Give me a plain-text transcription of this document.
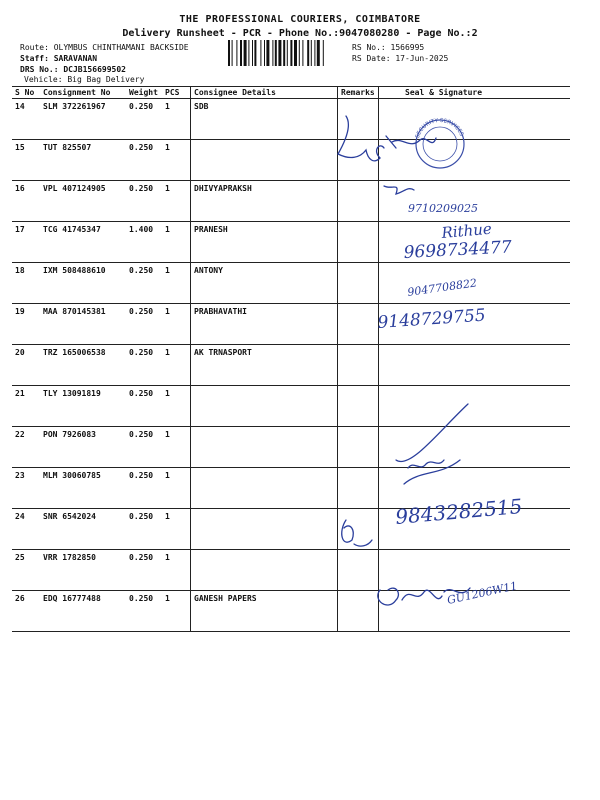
THE PROFESSIONAL COURIERS, COIMBATORE
Delivery Runsheet - PCR - Phone No.:9047080280 - Page No.:2
Route: OLYMBUS CHINTHAMANI BACKSIDE
Staff: SARAVANAN
DRS No.: DCJB156699502
Vehicle: Big Bag Delivery
RS No.: 1566995
RS Date: 17-Jun-2025
S No	Consignment No	Weight	PCS	Consignee Details	Remarks	Seal & Signature
14	SLM 372261967	0.250	1	SDB		
15	TUT 825507	0.250	1			
16	VPL 407124905	0.250	1	DHIVYAPRAKSH		
17	TCG 41745347	1.400	1	PRANESH		
18	IXM 508488610	0.250	1	ANTONY		
19	MAA 870145381	0.250	1	PRABHAVATHI		
20	TRZ 165006538	0.250	1	AK TRNASPORT		
21	TLY 13091819	0.250	1			
22	PON 7926083	0.250	1			
23	MLM 30060785	0.250	1			
24	SNR 6542024	0.250	1			
25	VRR 1782850	0.250	1			
26	EDQ 16777488	0.250	1	GANESH PAPERS		
SECURITY SERVICES
9710209025
Rithue
9698734477
9047708822
9148729755
9843282515
GU1206W11
